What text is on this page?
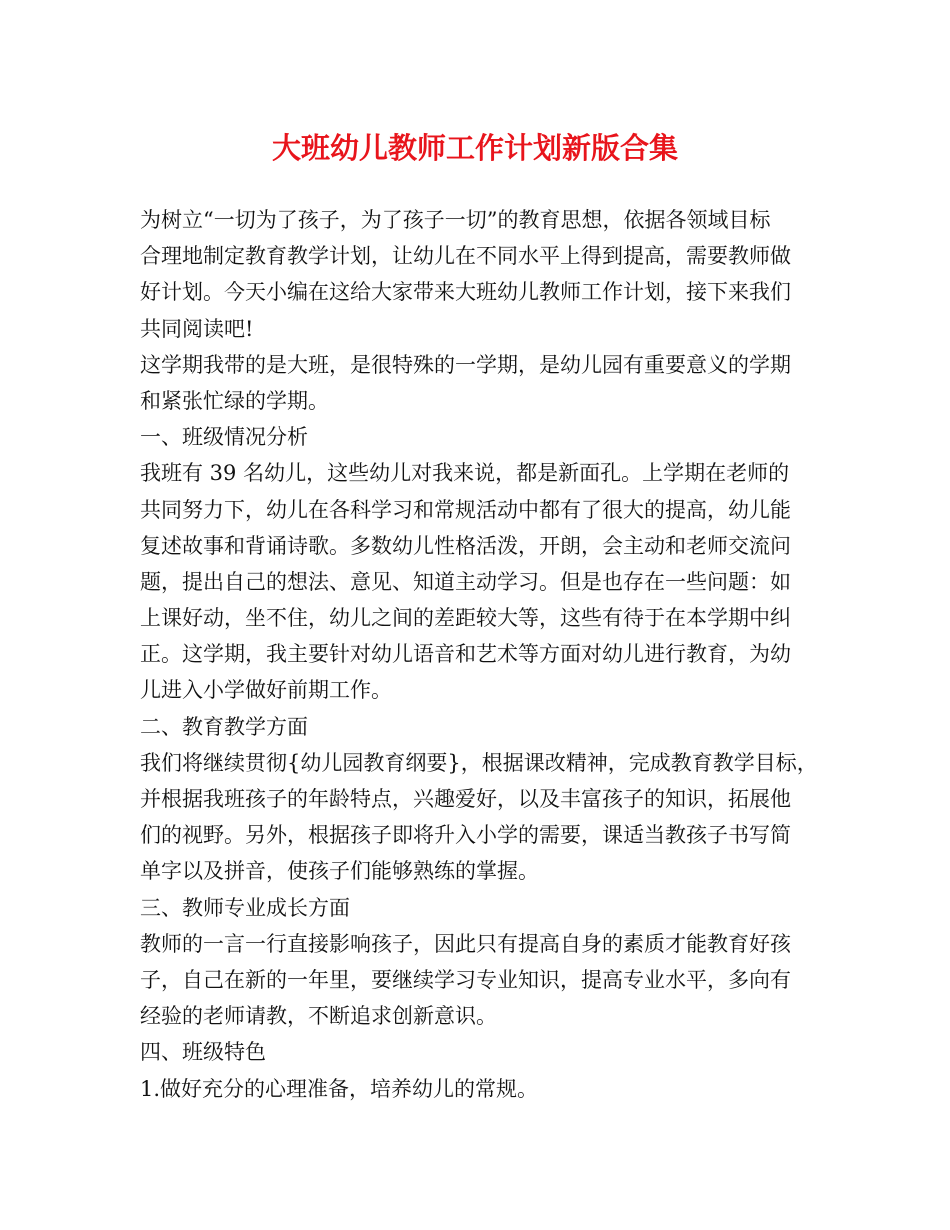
大班幼儿教师工作计划新版合集
为树立“一切为了孩子，为了孩子一切”的教育思想，依据各领域目标
合理地制定教育教学计划，让幼儿在不同水平上得到提高，需要教师做
好计划。今天小编在这给大家带来大班幼儿教师工作计划，接下来我们
共同阅读吧!
这学期我带的是大班，是很特殊的一学期，是幼儿园有重要意义的学期
和紧张忙绿的学期。
一、班级情况分析
我班有 39 名幼儿，这些幼儿对我来说，都是新面孔。上学期在老师的
共同努力下，幼儿在各科学习和常规活动中都有了很大的提高，幼儿能
复述故事和背诵诗歌。多数幼儿性格活泼，开朗，会主动和老师交流问
题，提出自己的想法、意见、知道主动学习。但是也存在一些问题：如
上课好动，坐不住，幼儿之间的差距较大等，这些有待于在本学期中纠
正。这学期，我主要针对幼儿语音和艺术等方面对幼儿进行教育，为幼
儿进入小学做好前期工作。
二、教育教学方面
我们将继续贯彻{幼儿园教育纲要}，根据课改精神，完成教育教学目标，
并根据我班孩子的年龄特点，兴趣爱好，以及丰富孩子的知识，拓展他
们的视野。另外，根据孩子即将升入小学的需要，课适当教孩子书写简
单字以及拼音，使孩子们能够熟练的掌握。
三、教师专业成长方面
教师的一言一行直接影响孩子，因此只有提高自身的素质才能教育好孩
子，自己在新的一年里，要继续学习专业知识，提高专业水平，多向有
经验的老师请教，不断追求创新意识。
四、班级特色
1.做好充分的心理准备，培养幼儿的常规。
